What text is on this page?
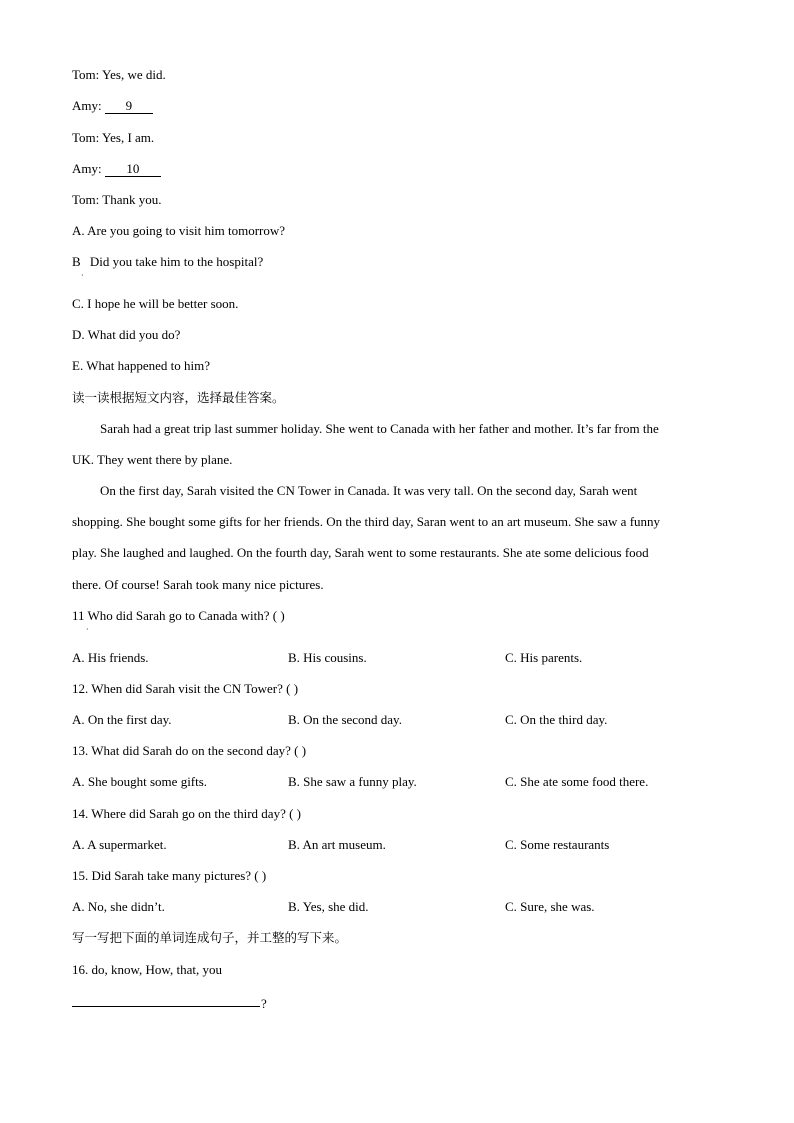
Tom: Yes, we did.
Amy: 9
Tom: Yes, I am.
Amy: 10
Tom: Thank you.
A. Are you going to visit him tomorrow?
B Did you take him to the hospital?
·
C. I hope he will be better soon.
D. What did you do?
E. What happened to him?
读一读根据短文内容，选择最佳答案。
Sarah had a great trip last summer holiday. She went to Canada with her father and mother. It’s far from the
UK. They went there by plane.
On the first day, Sarah visited the CN Tower in Canada. It was very tall. On the second day, Sarah went
shopping. She bought some gifts for her friends. On the third day, Saran went to an art museum. She saw a funny
play. She laughed and laughed. On the fourth day, Sarah went to some restaurants. She ate some delicious food
there. Of course! Sarah took many nice pictures.
11 Who did Sarah go to Canada with? ( )
·
A. His friends.	B. His cousins.	C. His parents.
12. When did Sarah visit the CN Tower? ( )
A. On the first day.	B. On the second day.	C. On the third day.
13. What did Sarah do on the second day? ( )
A. She bought some gifts.	B. She saw a funny play.	C. She ate some food there.
14. Where did Sarah go on the third day? ( )
A. A supermarket.	B. An art museum.	C. Some restaurants
15. Did Sarah take many pictures? ( )
A. No, she didn’t.	B. Yes, she did.	C. Sure, she was.
写一写把下面的单词连成句子，并工整的写下来。
16. do, know, How, that, you
?
